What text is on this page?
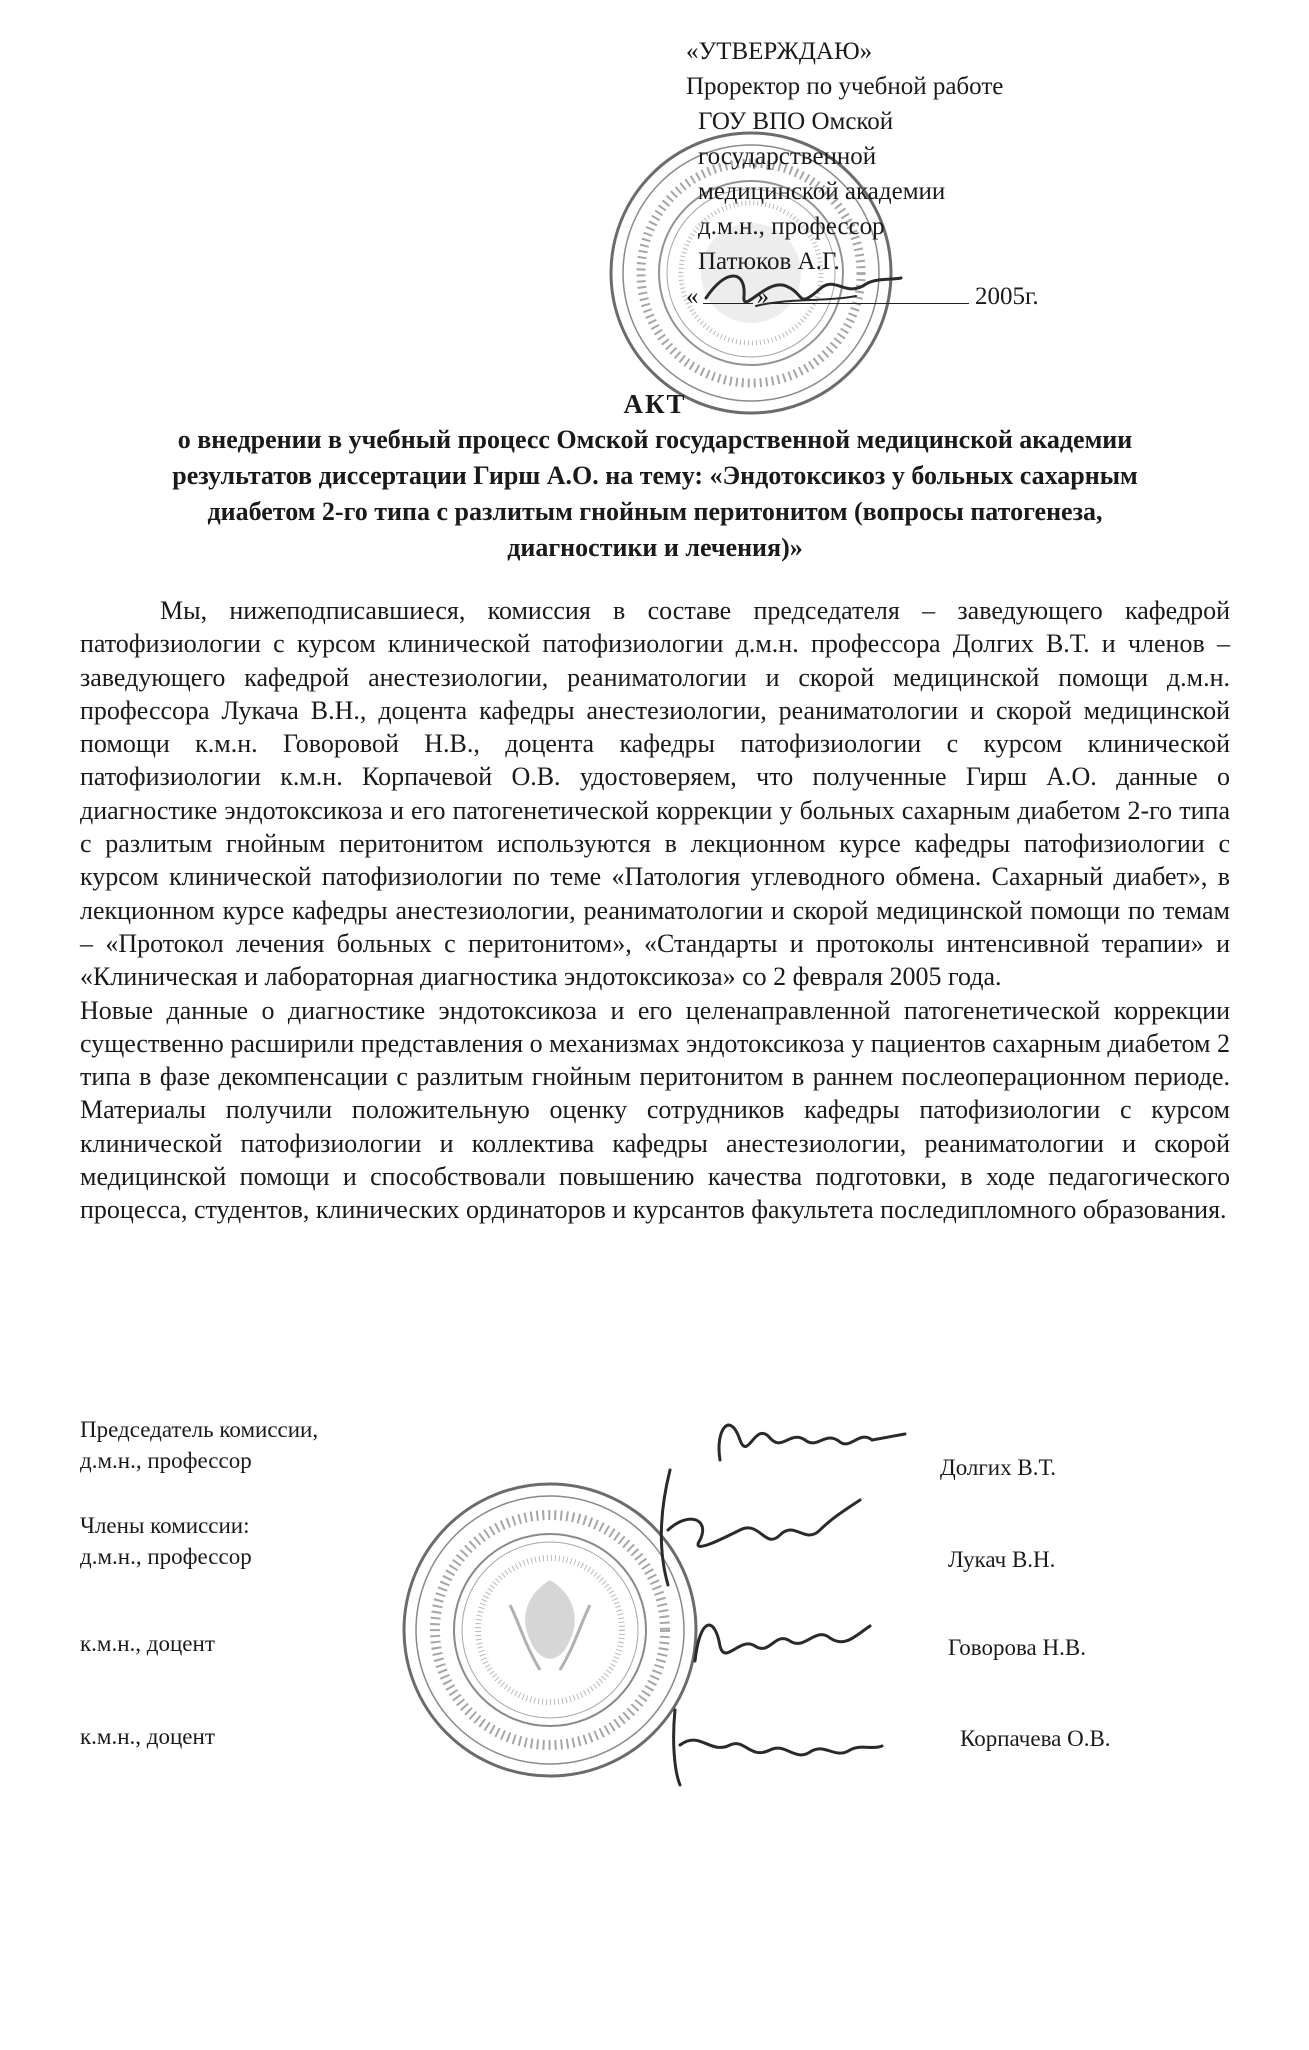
«УТВЕРЖДАЮ»
Проректор по учебной работе
ГОУ ВПО Омской
государственной
медицинской академии
д.м.н., профессор
Патюков А.Г.
« »	2005г.
АКТ
о внедрении в учебный процесс Омской государственной медицинской академии
результатов диссертации Гирш А.О. на тему: «Эндотоксикоз у больных сахарным
диабетом 2-го типа с разлитым гнойным перитонитом (вопросы патогенеза,
диагностики и лечения)»

Мы, нижеподписавшиеся, комиссия в составе председателя – заведующего кафедрой патофизиологии с курсом клинической патофизиологии д.м.н. профессора Долгих В.Т. и членов – заведующего кафедрой анестезиологии, реаниматологии и скорой медицинской помощи д.м.н. профессора Лукача В.Н., доцента кафедры анестезиологии, реаниматологии и скорой медицинской помощи к.м.н. Говоровой Н.В., доцента кафедры патофизиологии с курсом клинической патофизиологии к.м.н. Корпачевой О.В. удостоверяем, что полученные Гирш А.О. данные о диагностике эндотоксикоза и его патогенетической коррекции у больных сахарным диабетом 2-го типа с разлитым гнойным перитонитом используются в лекционном курсе кафедры патофизиологии с курсом клинической патофизиологии по теме «Патология углеводного обмена. Сахарный диабет», в лекционном курсе кафедры анестезиологии, реаниматологии и скорой медицинской помощи по темам – «Протокол лечения больных с перитонитом», «Стандарты и протоколы интенсивной терапии» и «Клиническая и лабораторная диагностика эндотоксикоза» со 2 февраля 2005 года.

Новые данные о диагностике эндотоксикоза и его целенаправленной патогенетической коррекции существенно расширили представления о механизмах эндотоксикоза у пациентов сахарным диабетом 2 типа в фазе декомпенсации с разлитым гнойным перитонитом в раннем послеоперационном периоде. Материалы получили положительную оценку сотрудников кафедры патофизиологии с курсом клинической патофизиологии и коллектива кафедры анестезиологии, реаниматологии и скорой медицинской помощи и способствовали повышению качества подготовки, в ходе педагогического процесса, студентов, клинических ординаторов и курсантов факультета последипломного образования.

Председатель комиссии,
д.м.н., профессор	Долгих В.Т.
Члены комиссии:
д.м.н., профессор	Лукач В.Н.
к.м.н., доцент	Говорова Н.В.
к.м.н., доцент	Корпачева О.В.
